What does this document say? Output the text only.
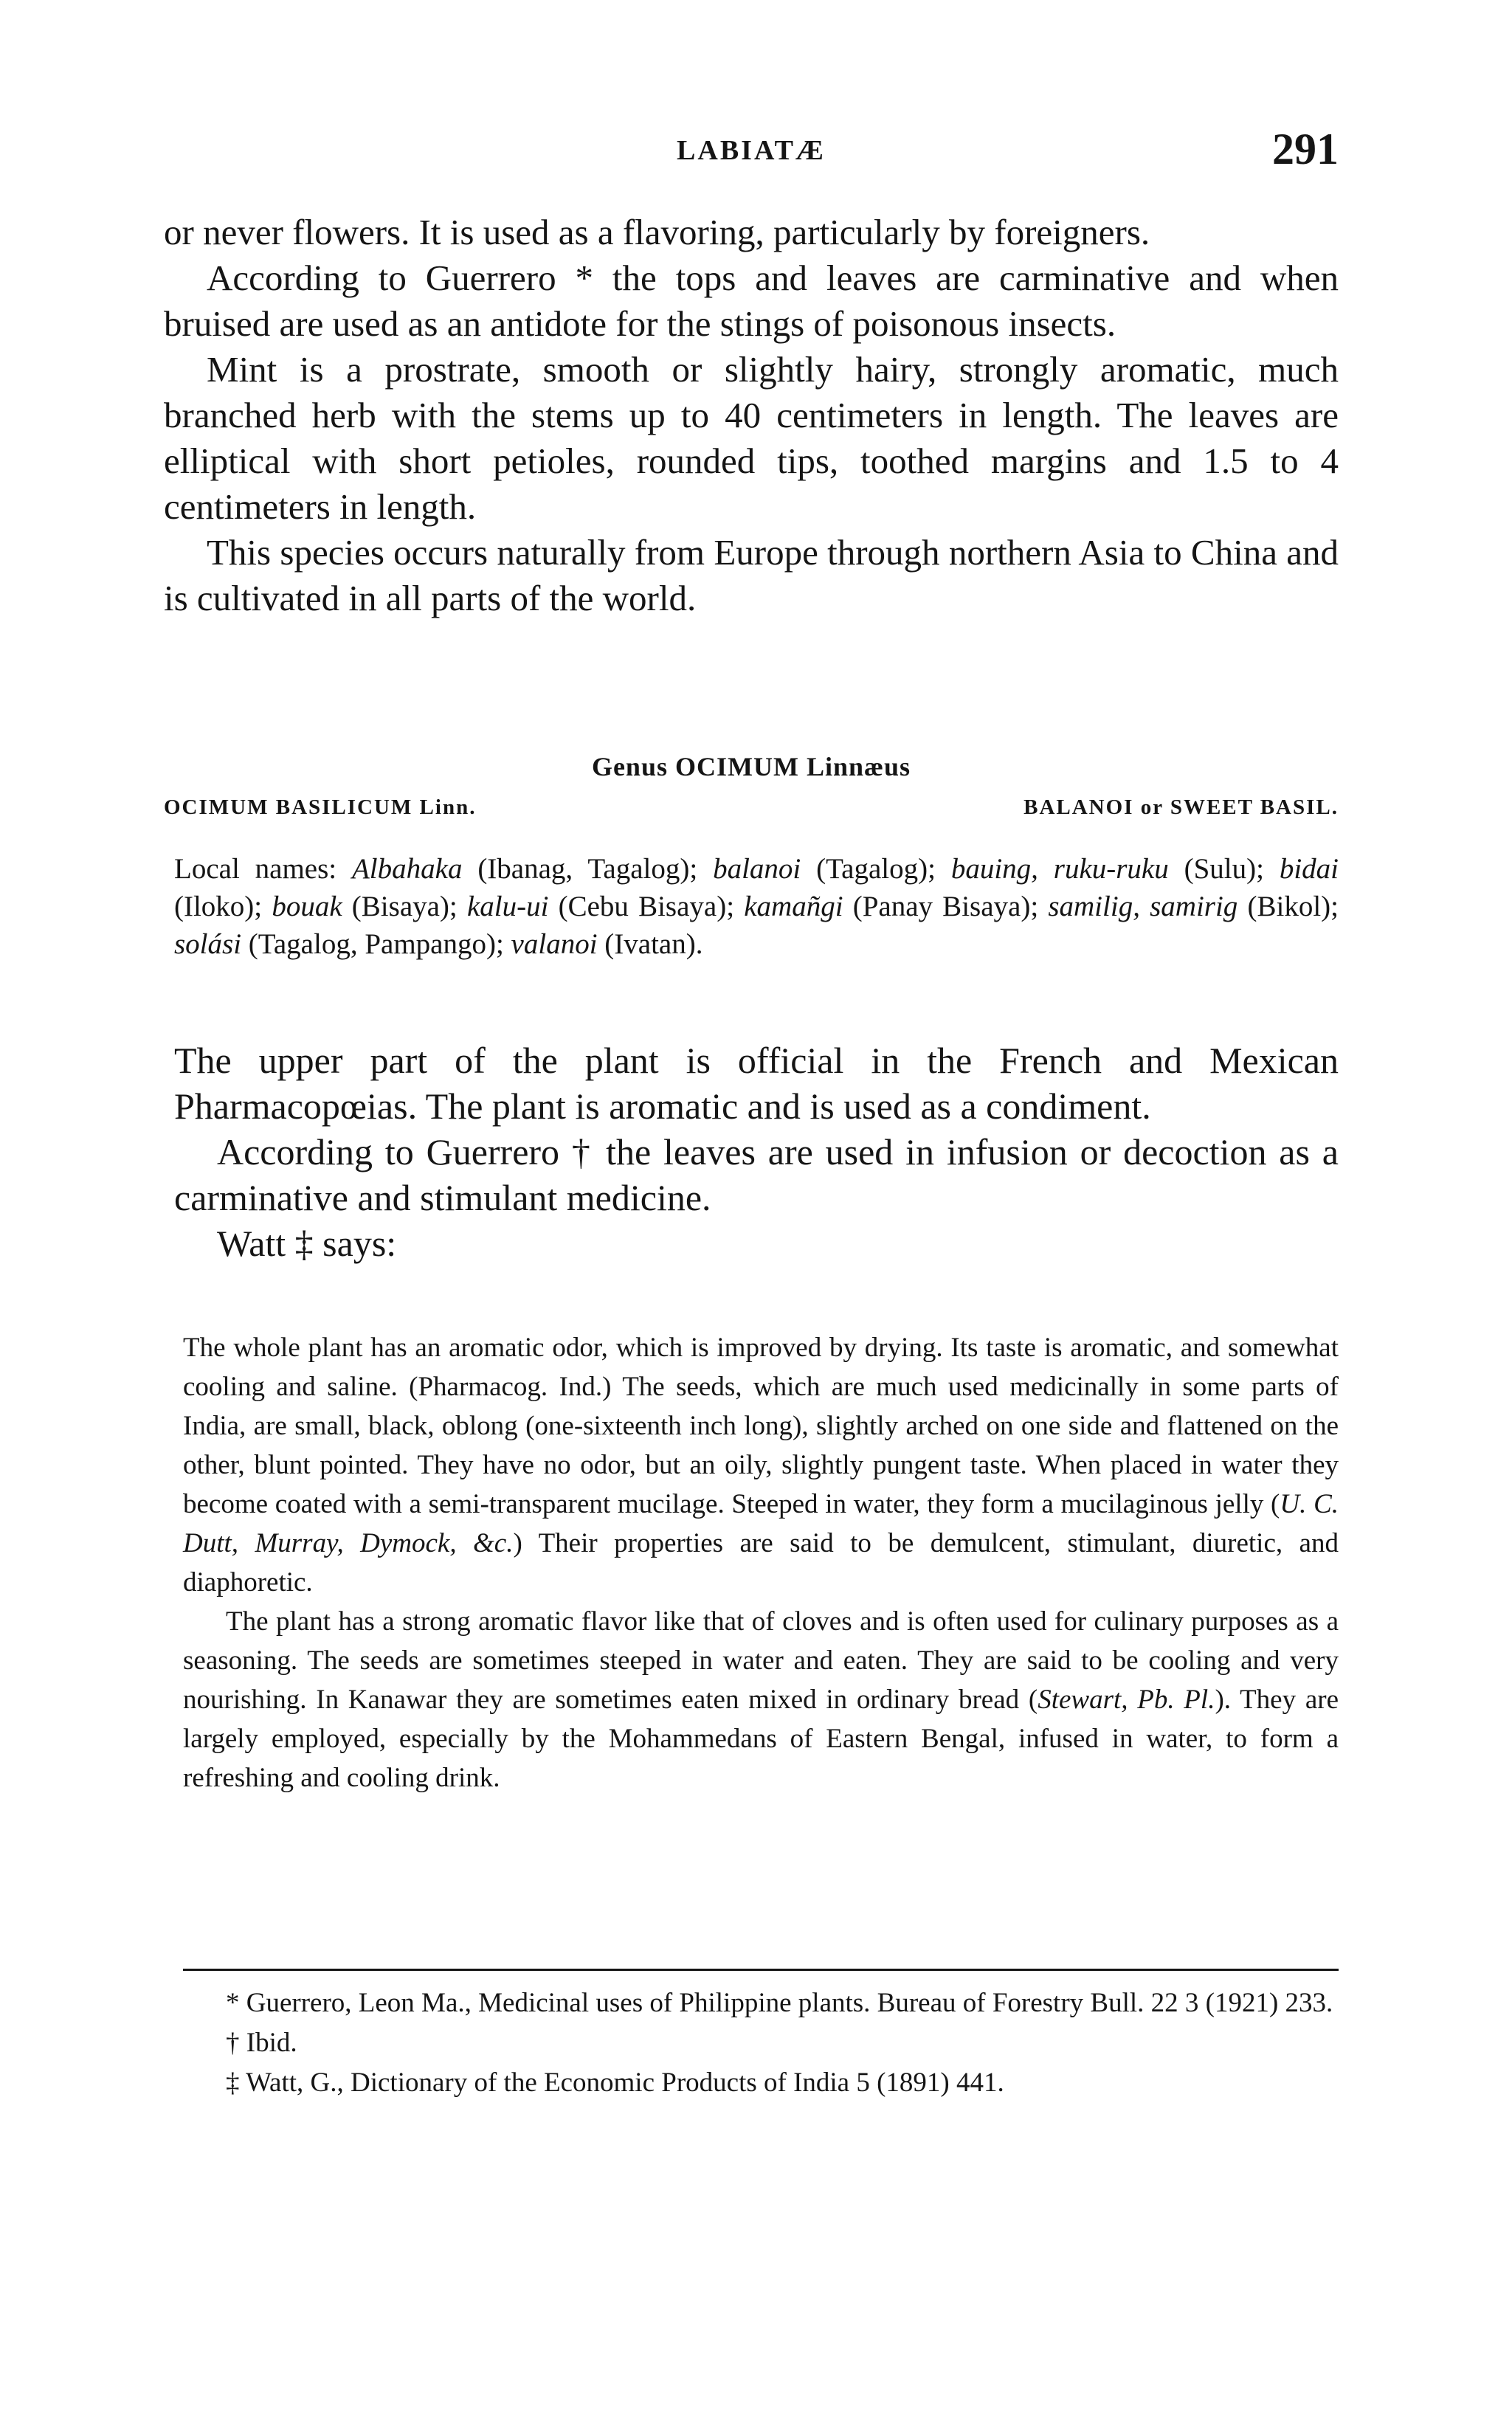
LABIATÆ	291

or never flowers. It is used as a flavoring, particularly by foreigners.

According to Guerrero * the tops and leaves are carminative and when bruised are used as an antidote for the stings of poisonous insects.

Mint is a prostrate, smooth or slightly hairy, strongly aromatic, much branched herb with the stems up to 40 centimeters in length. The leaves are elliptical with short petioles, rounded tips, toothed margins and 1.5 to 4 centimeters in length.

This species occurs naturally from Europe through northern Asia to China and is cultivated in all parts of the world.

Genus OCIMUM Linnæus
OCIMUM BASILICUM Linn.	BALANOI or SWEET BASIL.

Local names: Albahaka (Ibanag, Tagalog); balanoi (Tagalog); bauing, ruku-ruku (Sulu); bidai (Iloko); bouak (Bisaya); kalu-ui (Cebu Bisaya); kamañgi (Panay Bisaya); samilig, samirig (Bikol); solási (Tagalog, Pampango); valanoi (Ivatan).

The upper part of the plant is official in the French and Mexican Pharmacopœias. The plant is aromatic and is used as a condiment.

According to Guerrero † the leaves are used in infusion or decoction as a carminative and stimulant medicine.

Watt ‡ says:

The whole plant has an aromatic odor, which is improved by drying. Its taste is aromatic, and somewhat cooling and saline. (Pharmacog. Ind.) The seeds, which are much used medicinally in some parts of India, are small, black, oblong (one-sixteenth inch long), slightly arched on one side and flattened on the other, blunt pointed. They have no odor, but an oily, slightly pungent taste. When placed in water they become coated with a semi-transparent mucilage. Steeped in water, they form a mucilaginous jelly (U. C. Dutt, Murray, Dymock, &c.) Their properties are said to be demulcent, stimulant, diuretic, and diaphoretic.

The plant has a strong aromatic flavor like that of cloves and is often used for culinary purposes as a seasoning. The seeds are sometimes steeped in water and eaten. They are said to be cooling and very nourishing. In Kanawar they are sometimes eaten mixed in ordinary bread (Stewart, Pb. Pl.). They are largely employed, especially by the Mohammedans of Eastern Bengal, infused in water, to form a refreshing and cooling drink.

* Guerrero, Leon Ma., Medicinal uses of Philippine plants. Bureau of Forestry Bull. 22 3 (1921) 233.

† Ibid.

‡ Watt, G., Dictionary of the Economic Products of India 5 (1891) 441.
